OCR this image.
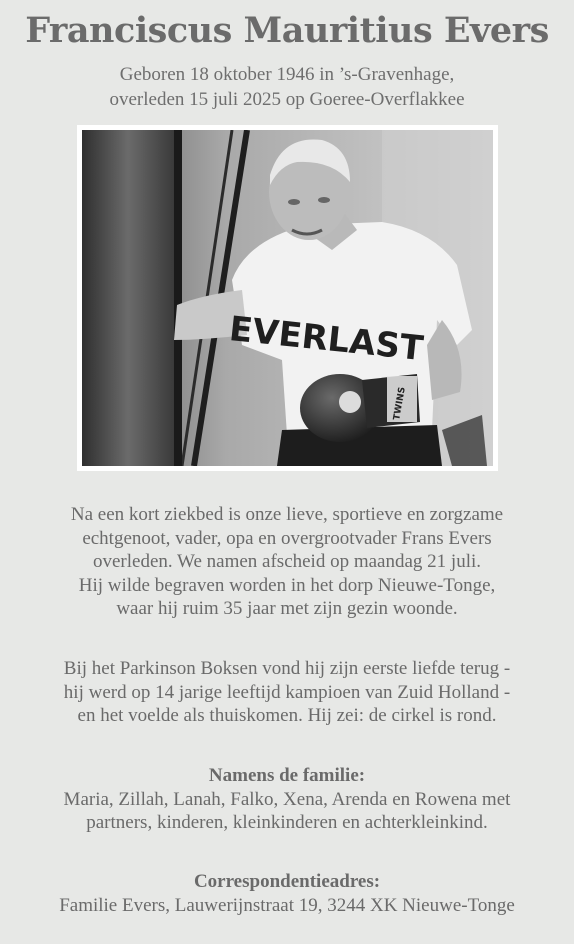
Franciscus Mauritius Evers
Geboren 18 oktober 1946 in ’s-Gravenhage,
overleden 15 juli 2025 op Goeree-Overflakkee
EVERLAST
TWINS
Na een kort ziekbed is onze lieve, sportieve en zorgzame
echtgenoot, vader, opa en overgrootvader Frans Evers
overleden. We namen afscheid op maandag 21 juli.
Hij wilde begraven worden in het dorp Nieuwe-Tonge,
waar hij ruim 35 jaar met zijn gezin woonde.
Bij het Parkinson Boksen vond hij zijn eerste liefde terug -
hij werd op 14 jarige leeftijd kampioen van Zuid Holland -
en het voelde als thuiskomen. Hij zei: de cirkel is rond.
Namens de familie:
Maria, Zillah, Lanah, Falko, Xena, Arenda en Rowena met
partners, kinderen, kleinkinderen en achterkleinkind.
Correspondentieadres:
Familie Evers, Lauwerijnstraat 19, 3244 XK Nieuwe-Tonge
